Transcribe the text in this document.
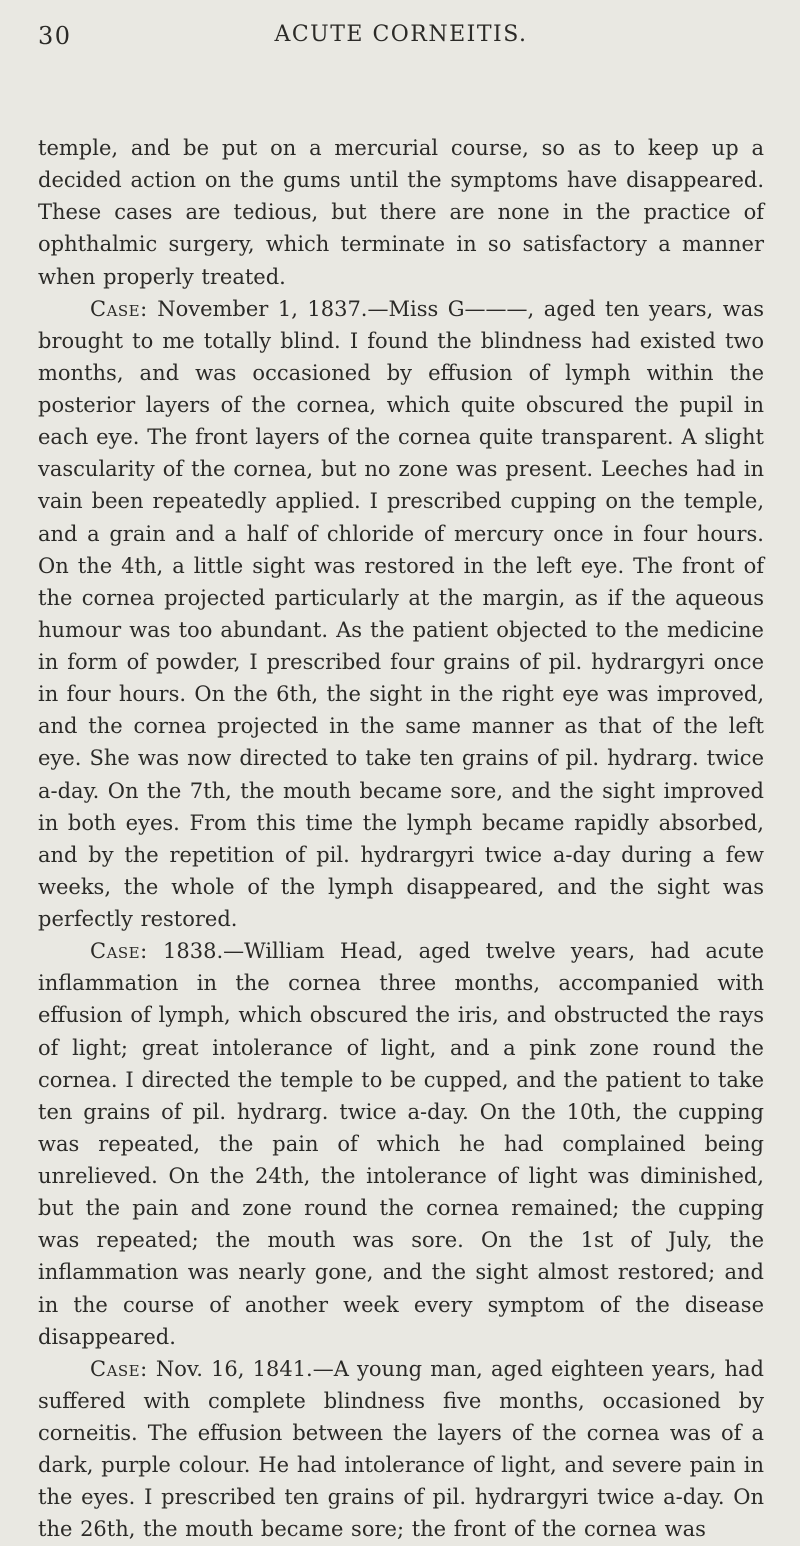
30	ACUTE CORNEITIS.

temple, and be put on a mercurial course, so as to keep up a decided action on the gums until the symptoms have disappeared. These cases are tedious, but there are none in the practice of ophthalmic surgery, which terminate in so satisfactory a manner when properly treated.

Case: November 1, 1837.—Miss G———, aged ten years, was brought to me totally blind. I found the blindness had existed two months, and was occasioned by effusion of lymph within the posterior layers of the cornea, which quite obscured the pupil in each eye. The front layers of the cornea quite transparent. A slight vascularity of the cornea, but no zone was present. Leeches had in vain been repeatedly applied. I prescribed cupping on the temple, and a grain and a half of chloride of mercury once in four hours. On the 4th, a little sight was restored in the left eye. The front of the cornea projected particularly at the margin, as if the aqueous humour was too abundant. As the patient objected to the medicine in form of powder, I prescribed four grains of pil. hydrargyri once in four hours. On the 6th, the sight in the right eye was improved, and the cornea projected in the same manner as that of the left eye. She was now directed to take ten grains of pil. hydrarg. twice a-day. On the 7th, the mouth became sore, and the sight improved in both eyes. From this time the lymph became rapidly absorbed, and by the repetition of pil. hydrargyri twice a-day during a few weeks, the whole of the lymph disappeared, and the sight was perfectly restored.

Case: 1838.—William Head, aged twelve years, had acute inflammation in the cornea three months, accompanied with effusion of lymph, which obscured the iris, and obstructed the rays of light; great intolerance of light, and a pink zone round the cornea. I directed the temple to be cupped, and the patient to take ten grains of pil. hydrarg. twice a-day. On the 10th, the cupping was repeated, the pain of which he had complained being unrelieved. On the 24th, the intolerance of light was diminished, but the pain and zone round the cornea remained; the cupping was repeated; the mouth was sore. On the 1st of July, the inflammation was nearly gone, and the sight almost restored; and in the course of another week every symptom of the disease disappeared.

Case: Nov. 16, 1841.—A young man, aged eighteen years, had suffered with complete blindness five months, occasioned by corneitis. The effusion between the layers of the cornea was of a dark, purple colour. He had intolerance of light, and severe pain in the eyes. I prescribed ten grains of pil. hydrargyri twice a-day. On the 26th, the mouth became sore; the front of the cornea was
